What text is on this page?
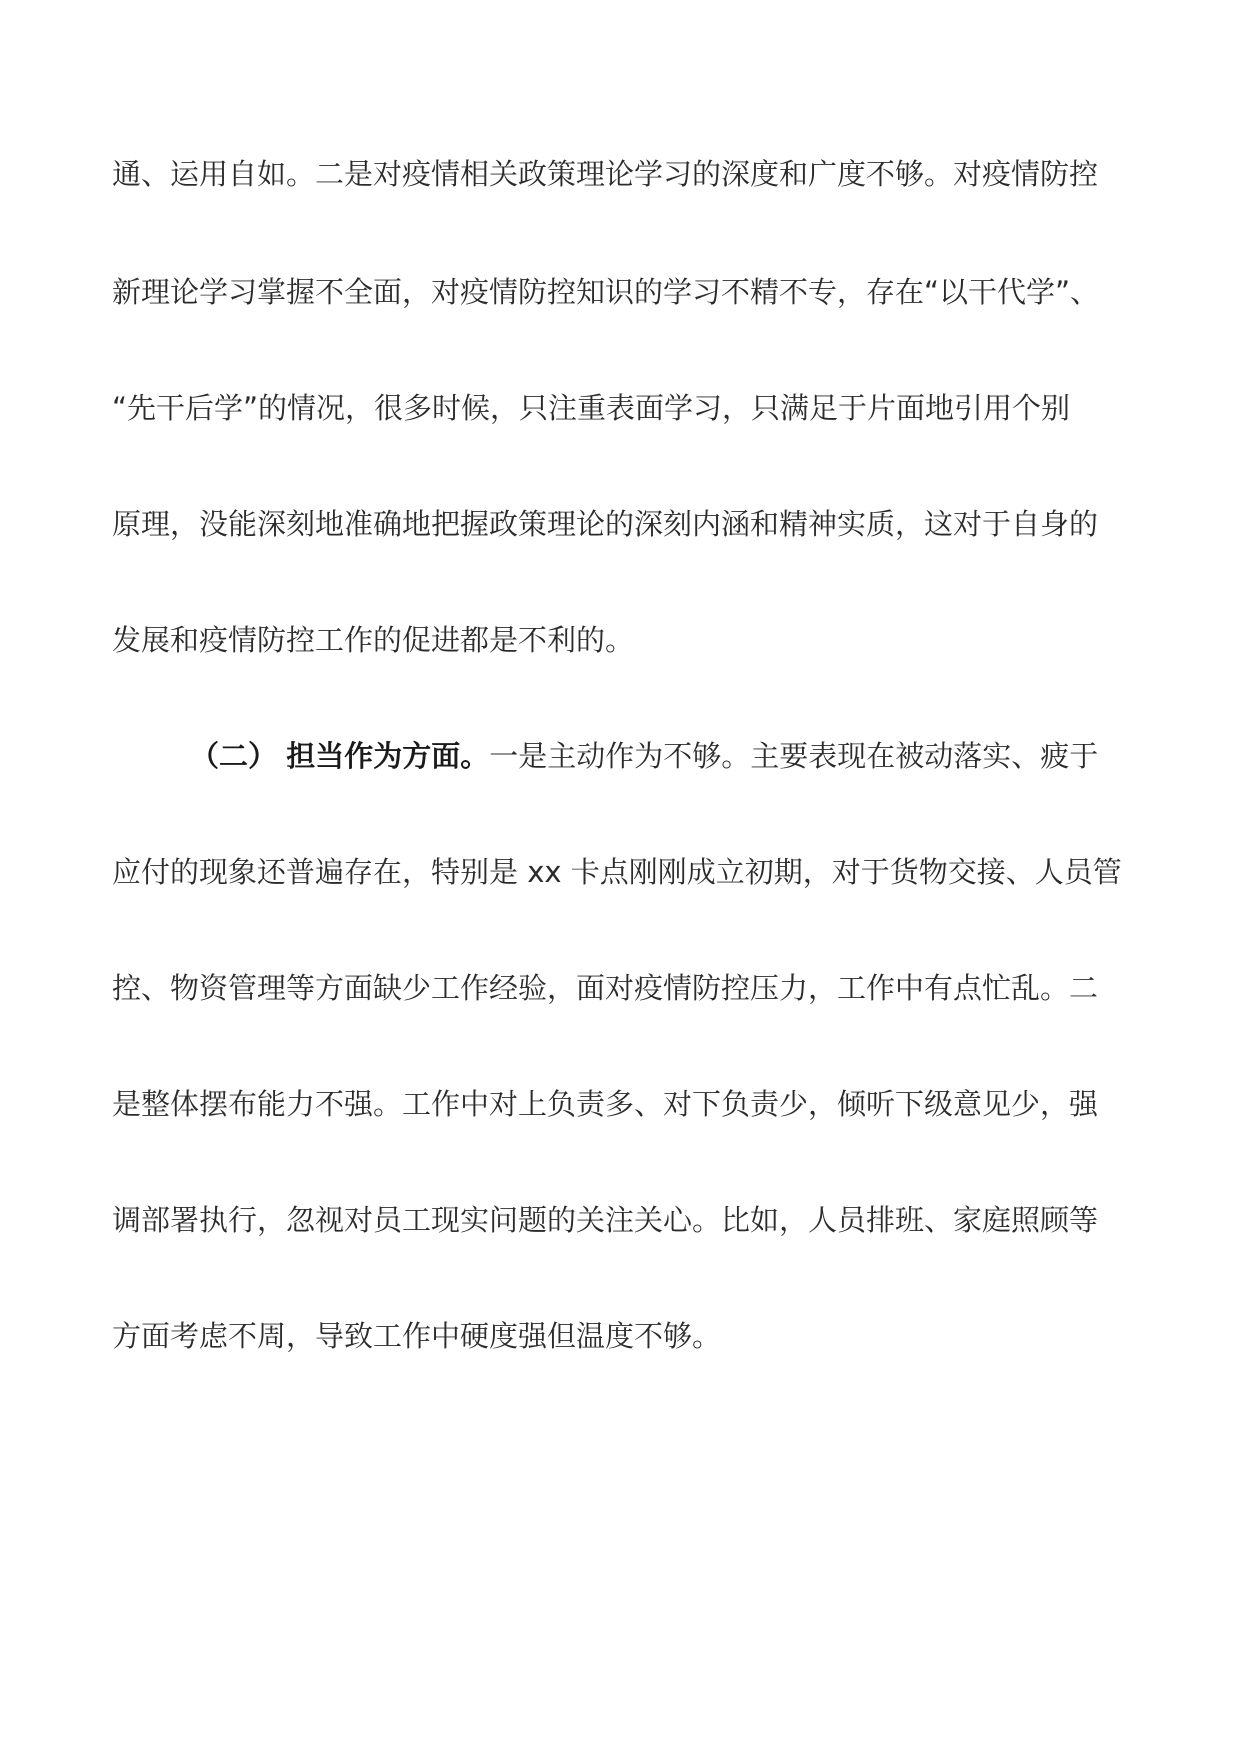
通、运用自如。二是对疫情相关政策理论学习的深度和广度不够。对疫情防控
新理论学习掌握不全面，对疫情防控知识的学习不精不专，存在“以干代学”、
“先干后学”的情况，很多时候，只注重表面学习，只满足于片面地引用个别
原理，没能深刻地准确地把握政策理论的深刻内涵和精神实质，这对于自身的
发展和疫情防控工作的促进都是不利的。
（二） 担当作为方面。一是主动作为不够。主要表现在被动落实、疲于
应付的现象还普遍存在，特别是 xx 卡点刚刚成立初期，对于货物交接、人员管
控、物资管理等方面缺少工作经验，面对疫情防控压力，工作中有点忙乱。二
是整体摆布能力不强。工作中对上负责多、对下负责少，倾听下级意见少，强
调部署执行，忽视对员工现实问题的关注关心。比如，人员排班、家庭照顾等
方面考虑不周，导致工作中硬度强但温度不够。
